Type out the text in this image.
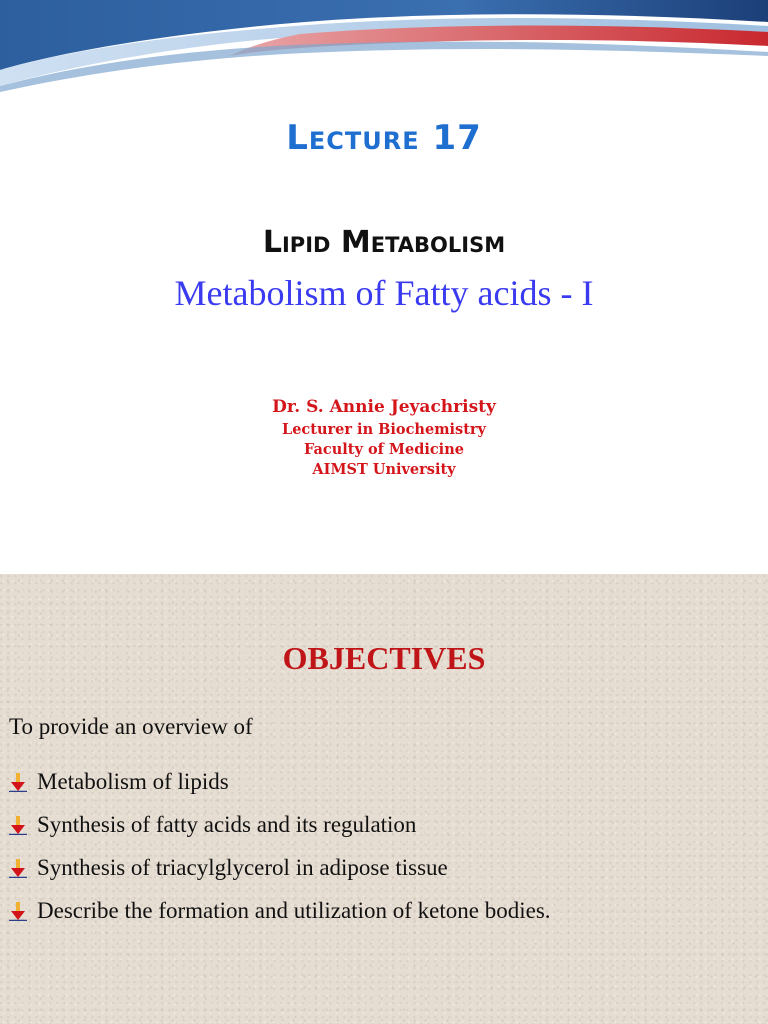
Lecture 17
Lipid Metabolism
Metabolism of Fatty acids - I
Dr. S. Annie Jeyachristy
Lecturer in Biochemistry
Faculty of Medicine
AIMST University
OBJECTIVES
To provide an overview of
Metabolism of lipids
Synthesis of fatty acids and its regulation
Synthesis of triacylglycerol in adipose tissue
Describe the formation and utilization of ketone bodies.
